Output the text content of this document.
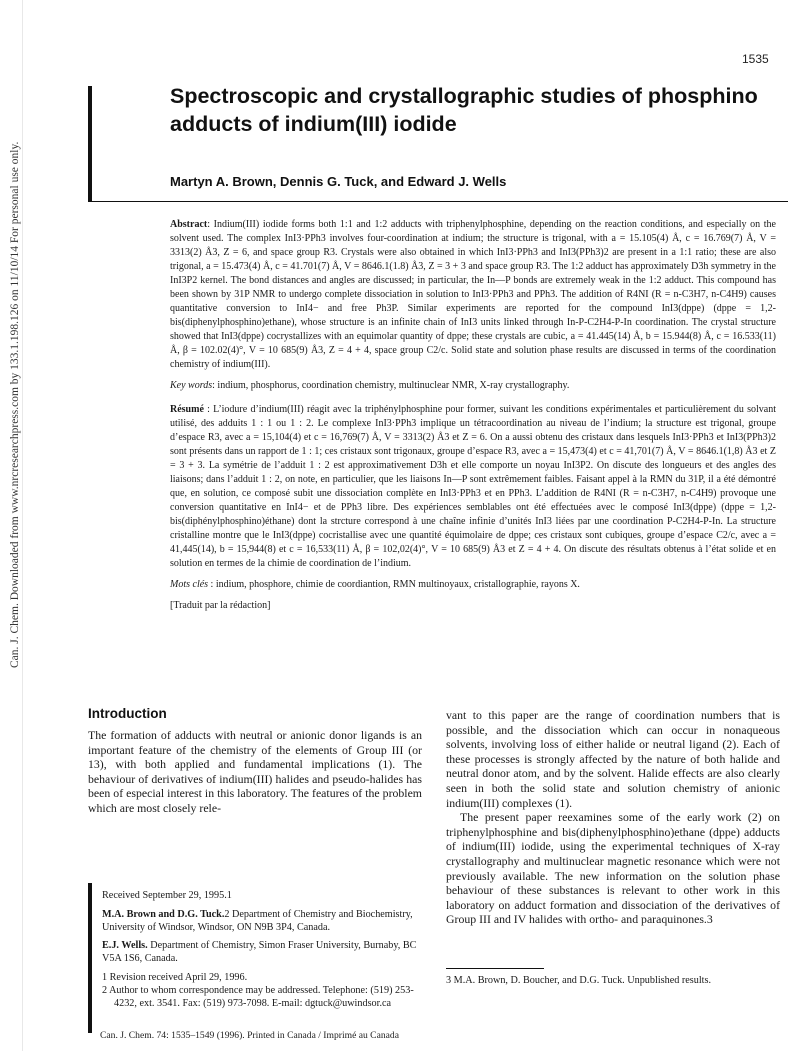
Can. J. Chem. Downloaded from www.nrcresearchpress.com by 133.1.198.126 on 11/10/14 For personal use only.
1535
Spectroscopic and crystallographic studies of phosphino adducts of indium(III) iodide
Martyn A. Brown, Dennis G. Tuck, and Edward J. Wells

Abstract: Indium(III) iodide forms both 1:1 and 1:2 adducts with triphenylphosphine, depending on the reaction conditions, and especially on the solvent used. The complex InI3·PPh3 involves four-coordination at indium; the structure is trigonal, with a = 15.105(4) Å, c = 16.769(7) Å, V = 3313(2) Å3, Z = 6, and space group R3. Crystals were also obtained in which InI3·PPh3 and InI3(PPh3)2 are present in a 1:1 ratio; these are also trigonal, a = 15.473(4) Å, c = 41.701(7) Å, V = 8646.1(1.8) Å3, Z = 3 + 3 and space group R3. The 1:2 adduct has approximately D3h symmetry in the InI3P2 kernel. The bond distances and angles are discussed; in particular, the In—P bonds are extremely weak in the 1:2 adduct. This compound has been shown by 31P NMR to undergo complete dissociation in solution to InI3·PPh3 and PPh3. The addition of R4NI (R = n-C3H7, n-C4H9) causes quantitative conversion to InI4− and free Ph3P. Similar experiments are reported for the compound InI3(dppe) (dppe = 1,2-bis(diphenylphosphino)ethane), whose structure is an infinite chain of InI3 units linked through In-P-C2H4-P-In coordination. The crystal structure showed that InI3(dppe) cocrystallizes with an equimolar quantity of dppe; these crystals are cubic, a = 41.445(14) Å, b = 15.944(8) Å, c = 16.533(11) Å, β = 102.02(4)°, V = 10 685(9) Å3, Z = 4 + 4, space group C2/c. Solid state and solution phase results are discussed in terms of the coordination chemistry of indium(III).

Key words: indium, phosphorus, coordination chemistry, multinuclear NMR, X-ray crystallography.

Résumé : L’iodure d’indium(III) réagit avec la triphénylphosphine pour former, suivant les conditions expérimentales et particulièrement du solvant utilisé, des adduits 1 : 1 ou 1 : 2. Le complexe InI3·PPh3 implique un tétracoordination au niveau de l’indium; la structure est trigonal, groupe d’espace R3, avec a = 15,104(4) et c = 16,769(7) Å, V = 3313(2) Å3 et Z = 6. On a aussi obtenu des cristaux dans lesquels InI3·PPh3 et InI3(PPh3)2 sont présents dans un rapport de 1 : 1; ces cristaux sont trigonaux, groupe d’espace R3, avec a = 15,473(4) et c = 41,701(7) Å, V = 8646.1(1,8) Å3 et Z = 3 + 3. La symétrie de l’adduit 1 : 2 est approximativement D3h et elle comporte un noyau InI3P2. On discute des longueurs et des angles des liaisons; dans l’adduit 1 : 2, on note, en particulier, que les liaisons In—P sont extrêmement faibles. Faisant appel à la RMN du 31P, il a été démontré que, en solution, ce composé subit une dissociation complète en InI3·PPh3 et en PPh3. L’addition de R4NI (R = n-C3H7, n-C4H9) provoque une conversion quantitative en InI4− et de PPh3 libre. Des expériences semblables ont été effectuées avec le composé InI3(dppe) (dppe = 1,2-bis(diphénylphosphino)éthane) dont la strcture correspond à une chaîne infinie d’unités InI3 liées par une coordination P-C2H4-P-In. La structure cristalline montre que le InI3(dppe) cocristallise avec une quantité équimolaire de dppe; ces cristaux sont cubiques, groupe d’espace C2/c, avec a = 41,445(14), b = 15,944(8) et c = 16,533(11) Å, β = 102,02(4)°, V = 10 685(9) Å3 et Z = 4 + 4. On discute des résultats obtenus à l’état solide et en solution en termes de la chimie de coordination de l’indium.

Mots clés : indium, phosphore, chimie de coordiantion, RMN multinoyaux, cristallographie, rayons X.

[Traduit par la rédaction]

Introduction

The formation of adducts with neutral or anionic donor ligands is an important feature of the chemistry of the elements of Group III (or 13), with both applied and fundamental implications (1). The behaviour of derivatives of indium(III) halides and pseudo-halides has been of especial interest in this laboratory. The features of the problem which are most closely rele-

vant to this paper are the range of coordination numbers that is possible, and the dissociation which can occur in nonaqueous solvents, involving loss of either halide or neutral ligand (2). Each of these processes is strongly affected by the nature of both halide and neutral donor atom, and by the solvent. Halide effects are also clearly seen in both the solid state and solution chemistry of anionic indium(III) complexes (1).

The present paper reexamines some of the early work (2) on triphenylphosphine and bis(diphenylphosphino)ethane (dppe) adducts of indium(III) iodide, using the experimental techniques of X-ray crystallography and multinuclear magnetic resonance which were not previously available. The new information on the solution phase behaviour of these substances is relevant to other work in this laboratory on adduct formation and dissociation of the derivatives of Group III and IV halides with ortho- and paraquinones.3

Received September 29, 1995.1

M.A. Brown and D.G. Tuck.2 Department of Chemistry and Biochemistry, University of Windsor, Windsor, ON N9B 3P4, Canada.

E.J. Wells. Department of Chemistry, Simon Fraser University, Burnaby, BC V5A 1S6, Canada.

1 Revision received April 29, 1996.

2 Author to whom correspondence may be addressed. Telephone: (519) 253-4232, ext. 3541. Fax: (519) 973-7098. E-mail: dgtuck@uwindsor.ca

3 M.A. Brown, D. Boucher, and D.G. Tuck. Unpublished results.
Can. J. Chem. 74: 1535–1549 (1996). Printed in Canada / Imprimé au Canada
